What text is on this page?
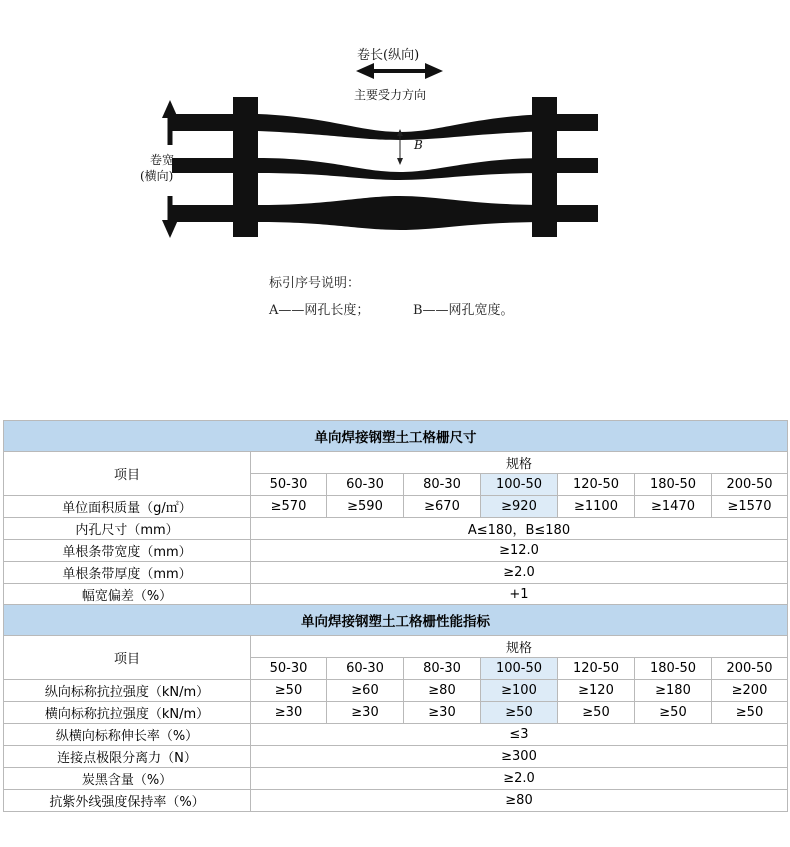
卷长(纵向)
主要受力方向
卷宽
(横向)
B
A
标引序号说明：
A——网孔长度；	B——网孔宽度。
单向焊接钢塑土工格栅尺寸							
项目	规格						
	50-30	60-30	80-30	100-50	120-50	180-50	200-50
单位面积质量（g/㎡）	≥570	≥590	≥670	≥920	≥1100	≥1470	≥1570
内孔尺寸（mm）	A≤180，B≤180						
单根条带宽度（mm）	≥12.0						
单根条带厚度（mm）	≥2.0						
幅宽偏差（%）	+1						
单向焊接钢塑土工格栅性能指标							
项目	规格						
	50-30	60-30	80-30	100-50	120-50	180-50	200-50
纵向标称抗拉强度（kN/m）	≥50	≥60	≥80	≥100	≥120	≥180	≥200
横向标称抗拉强度（kN/m）	≥30	≥30	≥30	≥50	≥50	≥50	≥50
纵横向标称伸长率（%）	≤3						
连接点极限分离力（N）	≥300						
炭黑含量（%）	≥2.0						
抗紫外线强度保持率（%）	≥80						
